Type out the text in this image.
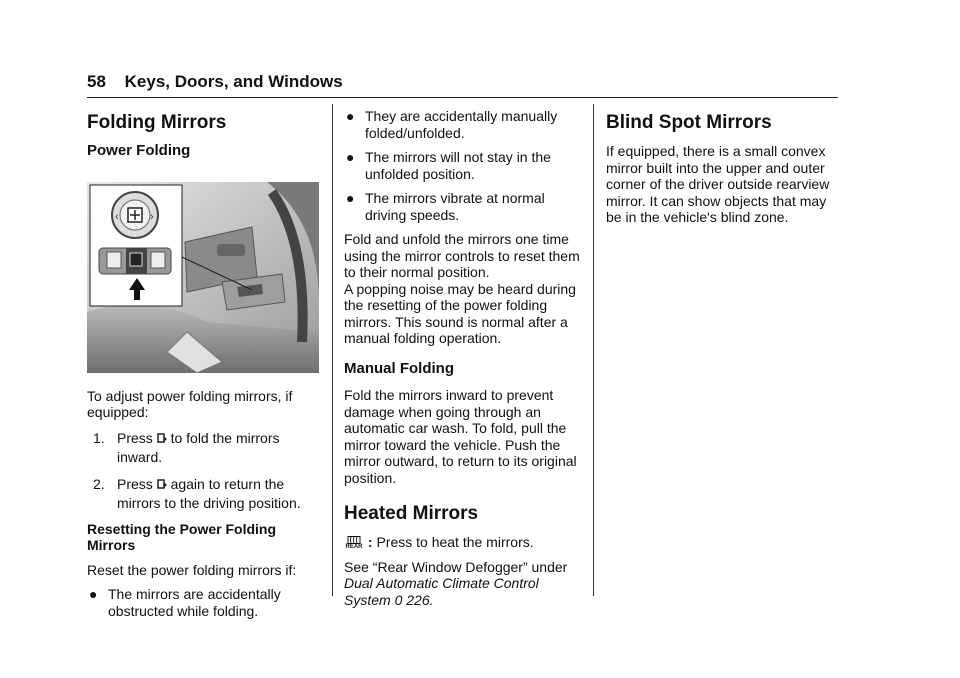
58 Keys, Doors, and Windows
Folding Mirrors
Power Folding
‹	›

To adjust power folding mirrors, if equipped:

1. Press to fold the mirrors inward.
2. Press again to return the mirrors to the driving position.

Resetting the Power Folding Mirrors

Reset the power folding mirrors if:

● The mirrors are accidentally obstructed while folding.
● They are accidentally manually folded/unfolded.
● The mirrors will not stay in the unfolded position.
● The mirrors vibrate at normal driving speeds.

Fold and unfold the mirrors one time using the mirror controls to reset them to their normal position.

A popping noise may be heard during the resetting of the power folding mirrors. This sound is normal after a manual folding operation.

Manual Folding

Fold the mirrors inward to prevent damage when going through an automatic car wash. To fold, pull the mirror toward the vehicle. Push the mirror outward, to return to its original position.

Heated Mirrors

REAR : Press to heat the mirrors.

See “Rear Window Defogger” under Dual Automatic Climate Control System 0 226.

Blind Spot Mirrors

If equipped, there is a small convex mirror built into the upper and outer corner of the driver outside rearview mirror. It can show objects that may be in the vehicle's blind zone.
